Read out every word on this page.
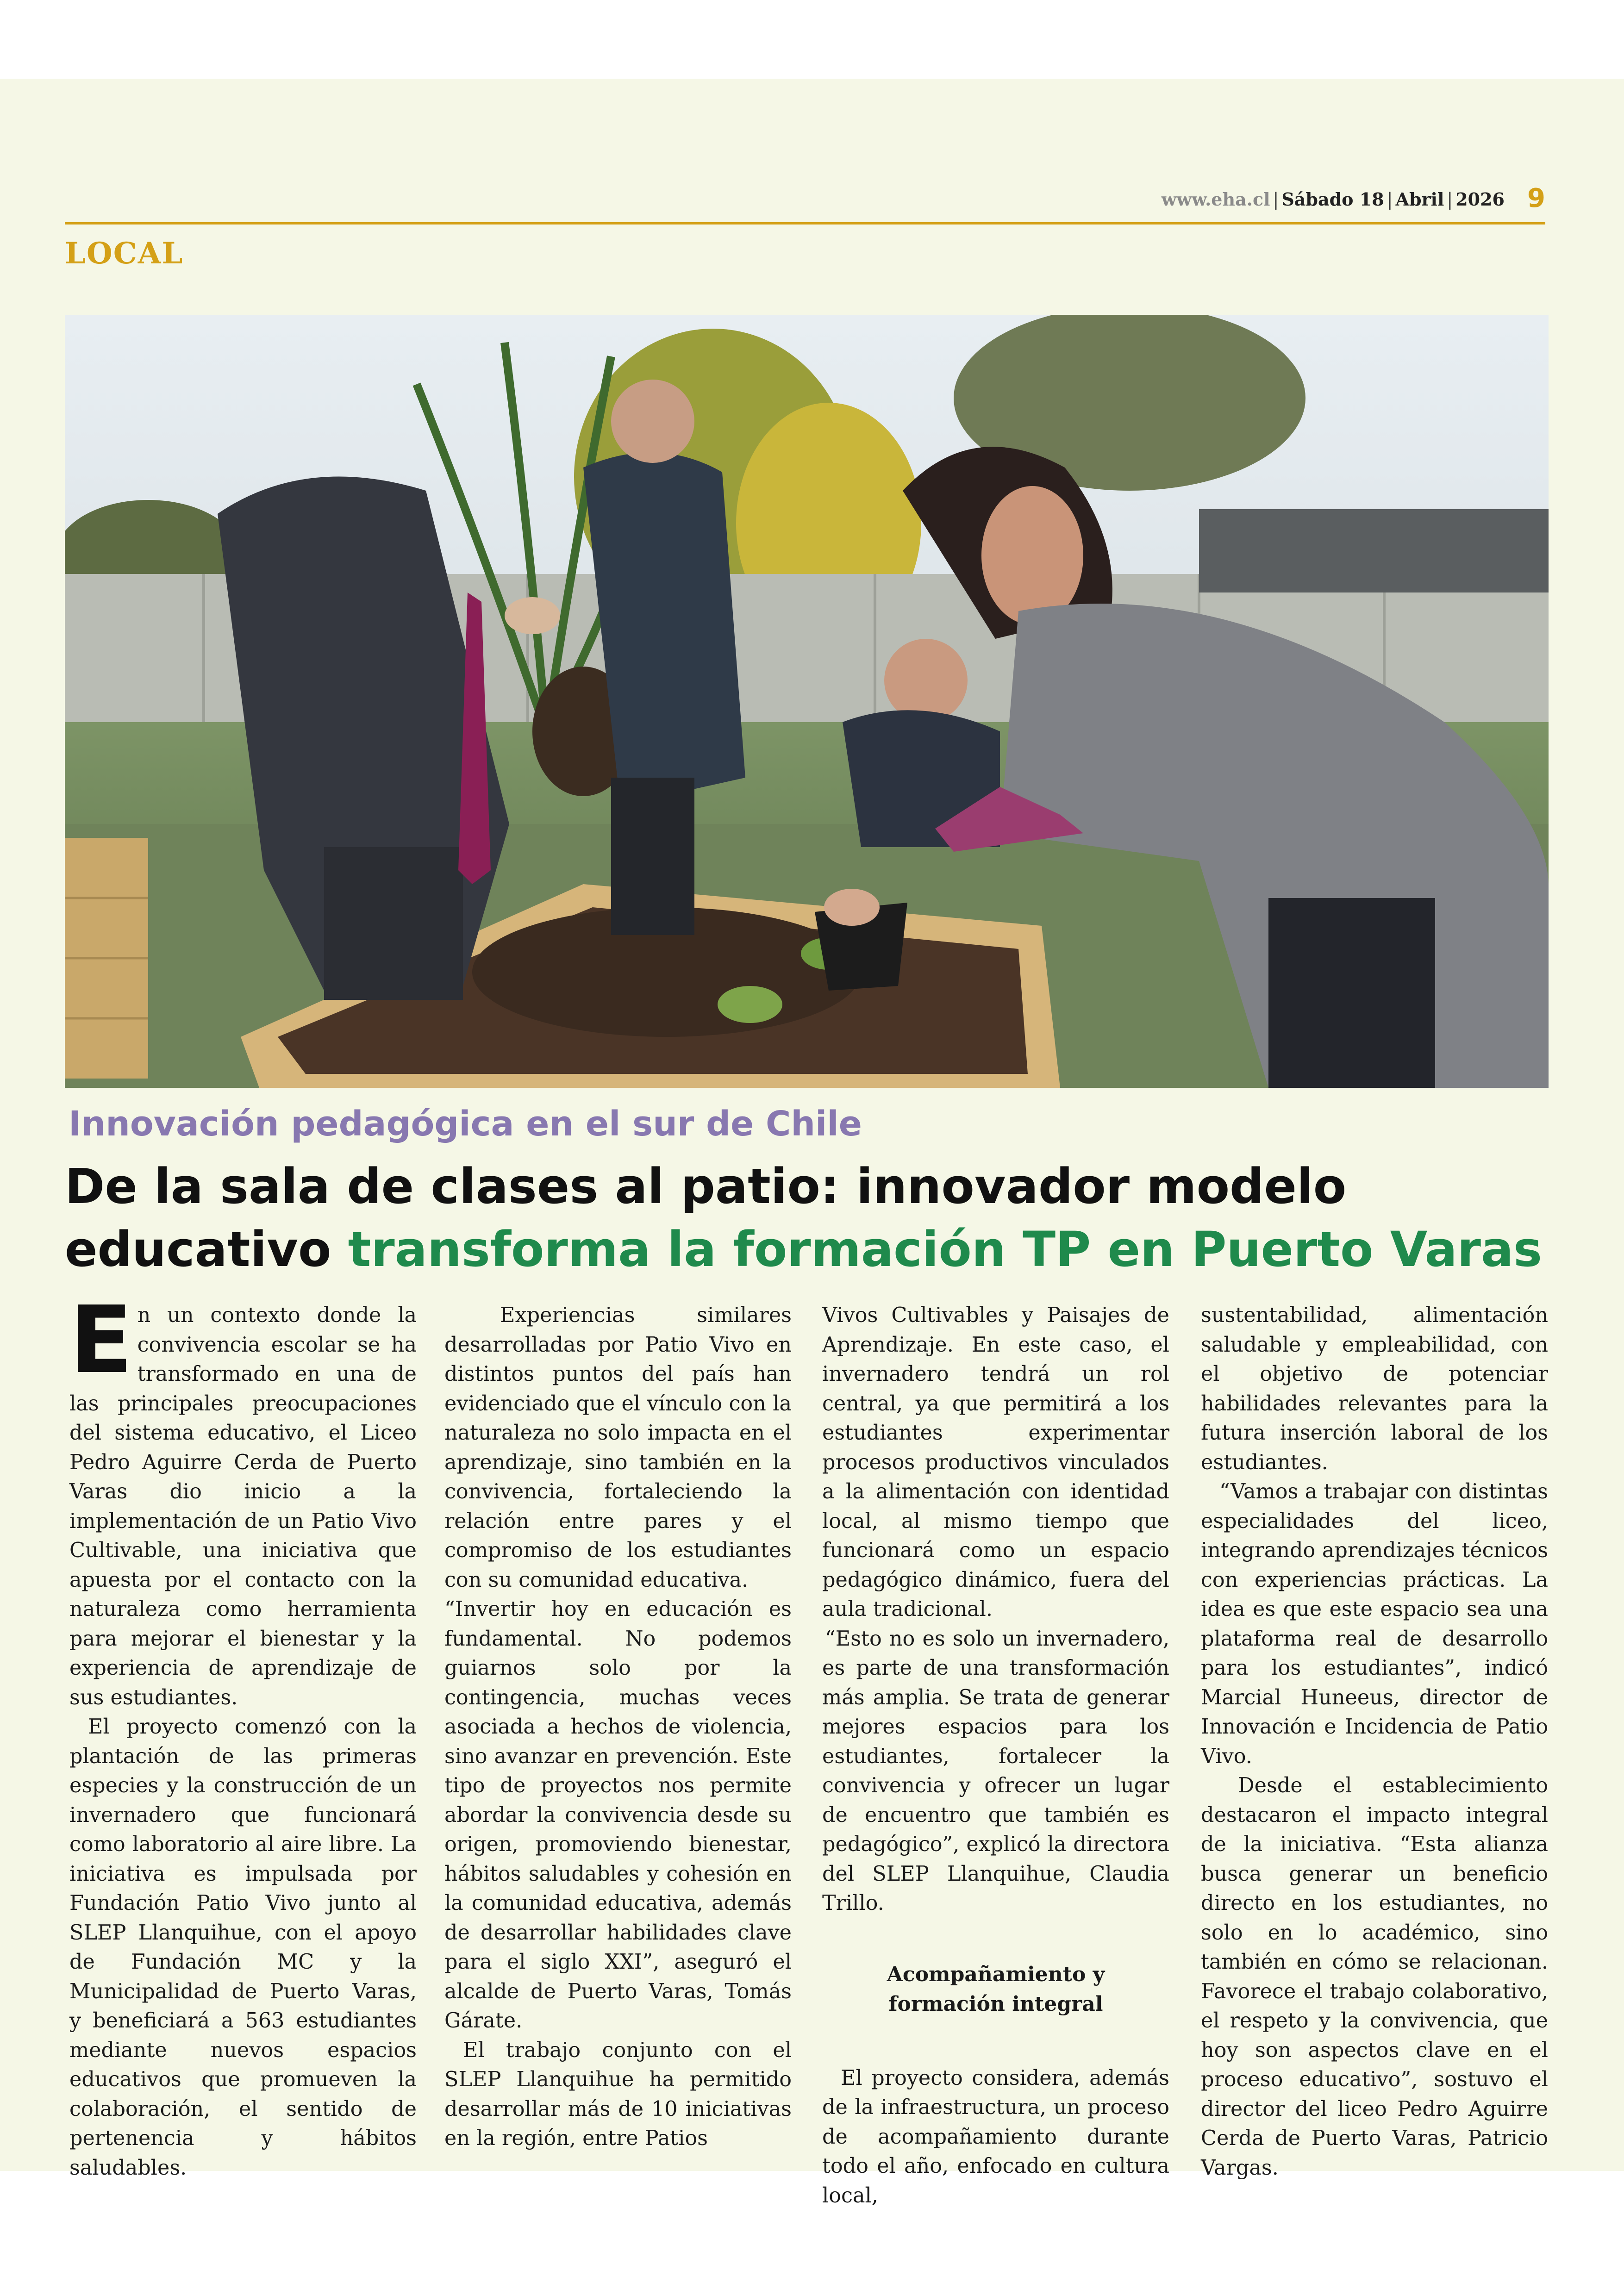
www.eha.cl | Sábado 18 | Abril | 2026 9
LOCAL
Innovación pedagógica en el sur de Chile
De la sala de clases al patio: innovador modelo educativo transforma la formación TP en Puerto Varas
E n un contexto donde la convivencia escolar se ha transformado en una de las principales preocupaciones del sistema educativo, el Liceo Pedro Aguirre Cerda de Puerto Varas dio inicio a la implementación de un Patio Vivo Cultivable, una iniciativa que apuesta por el contacto con la naturaleza como herramienta para mejorar el bienestar y la experiencia de aprendizaje de sus estudiantes.

El proyecto comenzó con la plantación de las primeras especies y la construcción de un invernadero que funcionará como laboratorio al aire libre. La iniciativa es impulsada por Fundación Patio Vivo junto al SLEP Llanquihue, con el apoyo de Fundación MC y la Municipalidad de Puerto Varas, y beneficiará a 563 estudiantes mediante nuevos espacios educativos que promueven la colaboración, el sentido de pertenencia y hábitos saludables.

Experiencias similares desarrolladas por Patio Vivo en distintos puntos del país han evidenciado que el vínculo con la naturaleza no solo impacta en el aprendizaje, sino también en la convivencia, fortaleciendo la relación entre pares y el compromiso de los estudiantes con su comunidad educativa.

“Invertir hoy en educación es fundamental. No podemos guiarnos solo por la contingencia, muchas veces asociada a hechos de violencia, sino avanzar en prevención. Este tipo de proyectos nos permite abordar la convivencia desde su origen, promoviendo bienestar, hábitos saludables y cohesión en la comunidad educativa, además de desarrollar habilidades clave para el siglo XXI”, aseguró el alcalde de Puerto Varas, Tomás Gárate.

El trabajo conjunto con el SLEP Llanquihue ha permitido desarrollar más de 10 iniciativas en la región, entre Patios

Vivos Cultivables y Paisajes de Aprendizaje. En este caso, el invernadero tendrá un rol central, ya que permitirá a los estudiantes experimentar procesos productivos vinculados a la alimentación con identidad local, al mismo tiempo que funcionará como un espacio pedagógico dinámico, fuera del aula tradicional.

“Esto no es solo un invernadero, es parte de una transformación más amplia. Se trata de generar mejores espacios para los estudiantes, fortalecer la convivencia y ofrecer un lugar de encuentro que también es pedagógico”, explicó la directora del SLEP Llanquihue, Claudia Trillo.

Acompañamiento y
formación integral

El proyecto considera, además de la infraestructura, un proceso de acompañamiento durante todo el año, enfocado en cultura local,

sustentabilidad, alimentación saludable y empleabilidad, con el objetivo de potenciar habilidades relevantes para la futura inserción laboral de los estudiantes.

“Vamos a trabajar con distintas especialidades del liceo, integrando aprendizajes técnicos con experiencias prácticas. La idea es que este espacio sea una plataforma real de desarrollo para los estudiantes”, indicó Marcial Huneeus, director de Innovación e Incidencia de Patio Vivo.

Desde el establecimiento destacaron el impacto integral de la iniciativa. “Esta alianza busca generar un beneficio directo en los estudiantes, no solo en lo académico, sino también en cómo se relacionan. Favorece el trabajo colaborativo, el respeto y la convivencia, que hoy son aspectos clave en el proceso educativo”, sostuvo el director del liceo Pedro Aguirre Cerda de Puerto Varas, Patricio Vargas.
